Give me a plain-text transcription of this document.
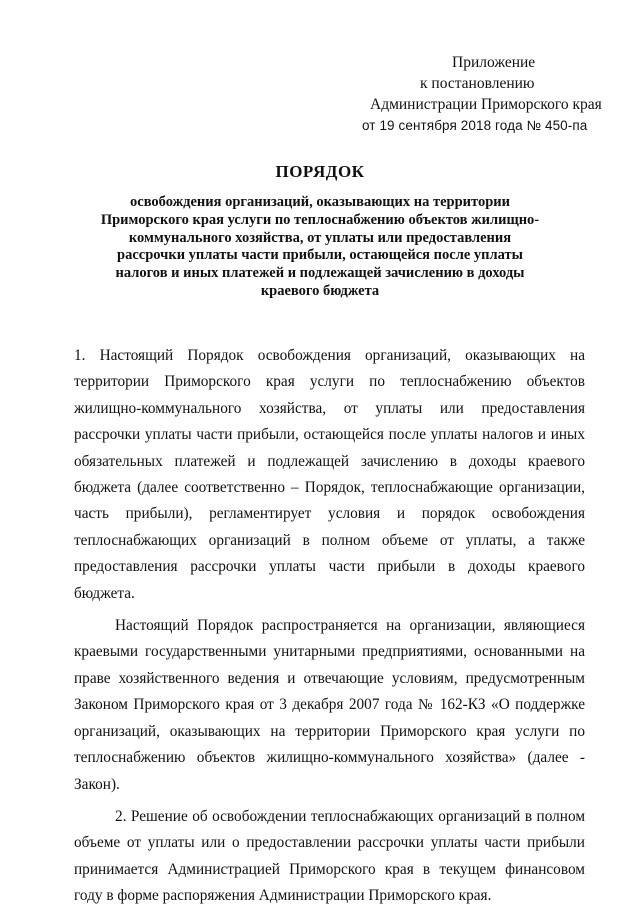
Приложение
к постановлению
Администрации Приморского края
от 19 сентября 2018 года № 450-па
ПОРЯДОК
освобождения организаций, оказывающих на территории Приморского края услуги по теплоснабжению объектов жилищно-коммунального хозяйства, от уплаты или предоставления рассрочки уплаты части прибыли, остающейся после уплаты налогов и иных платежей и подлежащей зачислению в доходы краевого бюджета

1. Настоящий Порядок освобождения организаций, оказывающих на территории Приморского края услуги по теплоснабжению объектов жилищно-коммунального хозяйства, от уплаты или предоставления рассрочки уплаты части прибыли, остающейся после уплаты налогов и иных обязательных платежей и подлежащей зачислению в доходы краевого бюджета (далее соответственно – Порядок, теплоснабжающие организации, часть прибыли), регламентирует условия и порядок освобождения теплоснабжающих организаций в полном объеме от уплаты, а также предоставления рассрочки уплаты части прибыли в доходы краевого бюджета.

Настоящий Порядок распространяется на организации, являющиеся краевыми государственными унитарными предприятиями, основанными на праве хозяйственного ведения и отвечающие условиям, предусмотренным Законом Приморского края от 3 декабря 2007 года № 162-КЗ «О поддержке организаций, оказывающих на территории Приморского края услуги по теплоснабжению объектов жилищно-коммунального хозяйства» (далее - Закон).

2. Решение об освобождении теплоснабжающих организаций в полном объеме от уплаты или о предоставлении рассрочки уплаты части прибыли принимается Администрацией Приморского края в текущем финансовом году в форме распоряжения Администрации Приморского края.
